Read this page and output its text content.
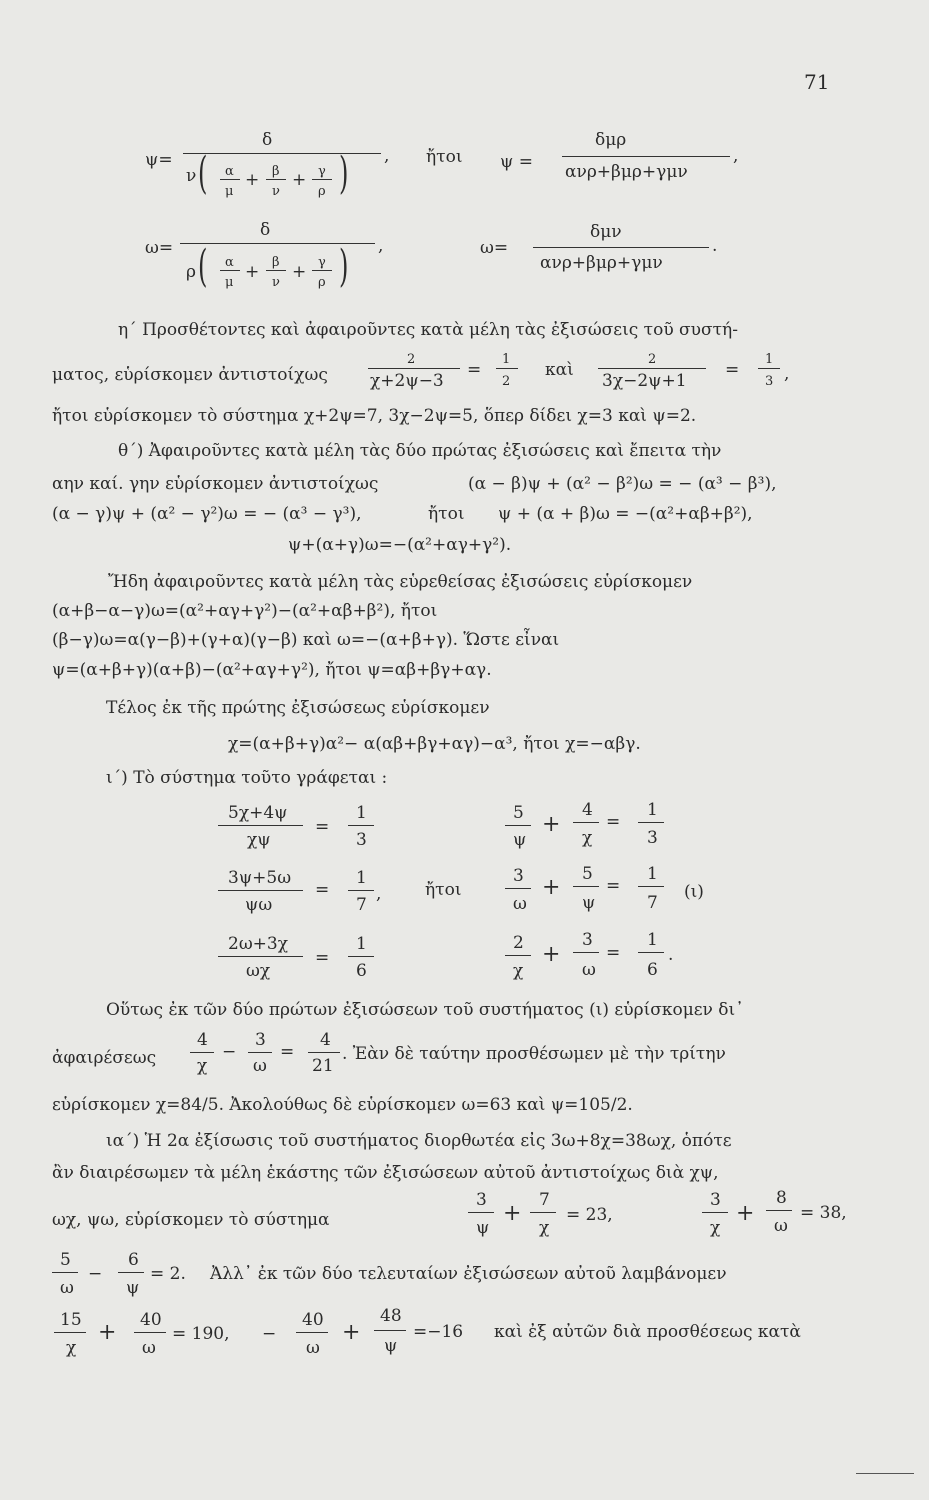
71
ψ=
δ
ν ( α
μ
+ β
ν
+ γ
ρ ) , ἤτοι ψ =
δμρ
ανρ+βμρ+γμν
,
ω=
δ
ρ ( α
μ
+ β
ν
+ γ
ρ ) ,	ω=
δμν
ανρ+βμρ+γμν
.
η΄ Προσθέτοντες καὶ ἀφαιροῦντες κατὰ μέλη τὰς ἐξισώσεις τοῦ συστή-
ματος, εὑρίσκομεν ἀντιστοίχως
2
χ+2ψ−3
=
1
2
καὶ
2
3χ−2ψ+1
=
1
3 ,
ἤτοι εὑρίσκομεν τὸ σύστημα χ+2ψ=7, 3χ−2ψ=5, ὅπερ δίδει χ=3 καὶ ψ=2.
θ΄) Ἀφαιροῦντες κατὰ μέλη τὰς δύο πρώτας ἐξισώσεις καὶ ἔπειτα τὴν
αην καί. γην εὑρίσκομεν ἀντιστοίχως	(α − β)ψ + (α² − β²)ω = − (α³ − β³),
(α − γ)ψ + (α² − γ²)ω = − (α³ − γ³),	ἤτοι ψ + (α + β)ω = −(α²+αβ+β²),
ψ+(α+γ)ω=−(α²+αγ+γ²).
Ἤδη ἀφαιροῦντες κατὰ μέλη τὰς εὑρεθείσας ἐξισώσεις εὑρίσκομεν
(α+β−α−γ)ω=(α²+αγ+γ²)−(α²+αβ+β²), ἤτοι
(β−γ)ω=α(γ−β)+(γ+α)(γ−β) καὶ ω=−(α+β+γ). Ὥστε εἶναι
ψ=(α+β+γ)(α+β)−(α²+αγ+γ²), ἤτοι ψ=αβ+βγ+αγ.
Τέλος ἐκ τῆς πρώτης ἐξισώσεως εὑρίσκομεν
χ=(α+β+γ)α²− α(αβ+βγ+αγ)−α³, ἤτοι χ=−αβγ.
ι΄) Τὸ σύστημα τοῦτο γράφεται :
5χ+4ψ
χψ
=
1
3
3ψ+5ω
ψω
=
1
7
,	ἤτοι
2ω+3χ
ωχ
=
1
6
5
ψ
+
4
χ
=
1
3
3
ω
+
5
ψ
=
1
7
(ι)
2
χ
+
3
ω
=
1
6
.
Οὕτως ἐκ τῶν δύο πρώτων ἐξισώσεων τοῦ συστήματος (ι) εὑρίσκομεν δι᾽
ἀφαιρέσεως
4
χ
−
3
ω
=
4
21
. Ἐὰν δὲ ταύτην προσθέσωμεν μὲ τὴν τρίτην
εὑρίσκομεν χ=84/5. Ἀκολούθως δὲ εὑρίσκομεν ω=63 καὶ ψ=105/2.
ια΄) Ἡ 2α ἐξίσωσις τοῦ συστήματος διορθωτέα εἰς 3ω+8χ=38ωχ, ὁπότε
ἂν διαιρέσωμεν τὰ μέλη ἑκάστης τῶν ἐξισώσεων αὐτοῦ ἀντιστοίχως διὰ χψ,
ωχ, ψω, εὑρίσκομεν τὸ σύστημα
3
ψ
+
7
χ
= 23,
3
χ
+
8
ω
= 38,
5
ω
−
6
ψ
= 2. Ἀλλ᾽ ἐκ τῶν δύο τελευταίων ἐξισώσεων αὐτοῦ λαμβάνομεν
15
χ
+ 40
ω
= 190, −
40
ω
+
48
ψ
=−16 καὶ ἐξ αὐτῶν διὰ προσθέσεως κατὰ
